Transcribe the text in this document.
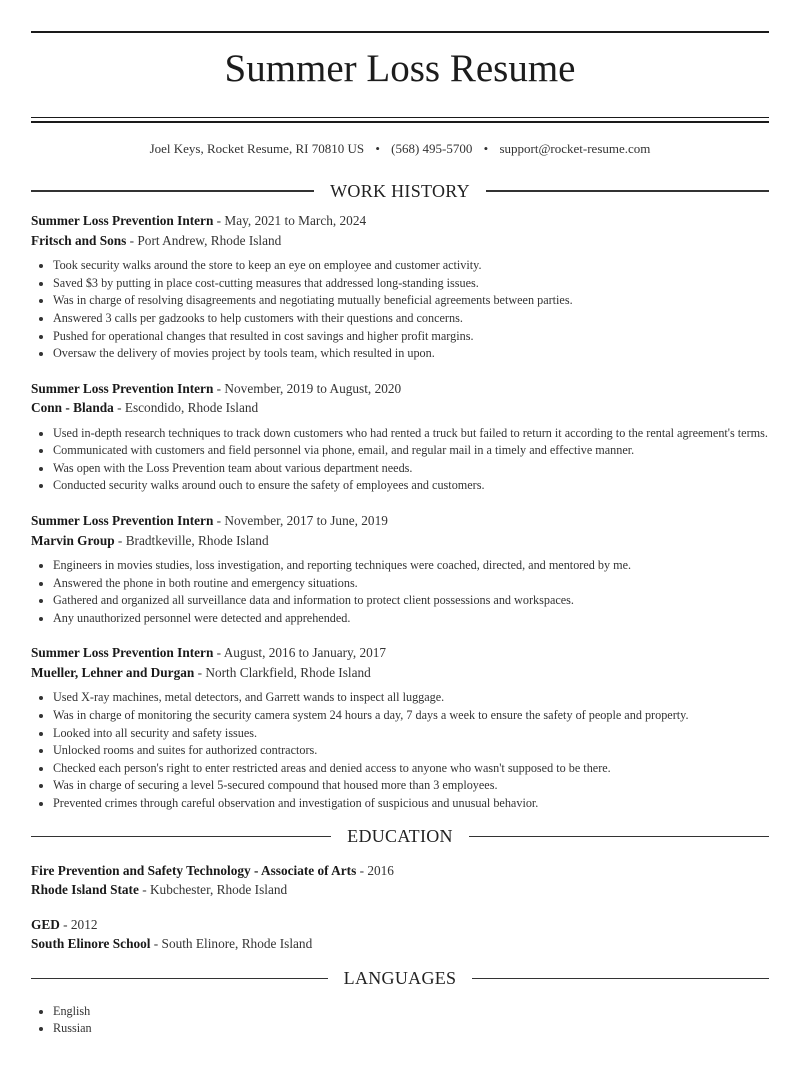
Summer Loss Resume
Joel Keys, Rocket Resume, RI 70810 US • (568) 495-5700 • support@rocket-resume.com
WORK HISTORY
Summer Loss Prevention Intern - May, 2021 to March, 2024
Fritsch and Sons - Port Andrew, Rhode Island
• Took security walks around the store to keep an eye on employee and customer activity.
• Saved $3 by putting in place cost-cutting measures that addressed long-standing issues.
• Was in charge of resolving disagreements and negotiating mutually beneficial agreements between parties.
• Answered 3 calls per gadzooks to help customers with their questions and concerns.
• Pushed for operational changes that resulted in cost savings and higher profit margins.
• Oversaw the delivery of movies project by tools team, which resulted in upon.
Summer Loss Prevention Intern - November, 2019 to August, 2020
Conn - Blanda - Escondido, Rhode Island
• Used in-depth research techniques to track down customers who had rented a truck but failed to return it according to the rental agreement's terms.
• Communicated with customers and field personnel via phone, email, and regular mail in a timely and effective manner.
• Was open with the Loss Prevention team about various department needs.
• Conducted security walks around ouch to ensure the safety of employees and customers.
Summer Loss Prevention Intern - November, 2017 to June, 2019
Marvin Group - Bradtkeville, Rhode Island
• Engineers in movies studies, loss investigation, and reporting techniques were coached, directed, and mentored by me.
• Answered the phone in both routine and emergency situations.
• Gathered and organized all surveillance data and information to protect client possessions and workspaces.
• Any unauthorized personnel were detected and apprehended.
Summer Loss Prevention Intern - August, 2016 to January, 2017
Mueller, Lehner and Durgan - North Clarkfield, Rhode Island
• Used X-ray machines, metal detectors, and Garrett wands to inspect all luggage.
• Was in charge of monitoring the security camera system 24 hours a day, 7 days a week to ensure the safety of people and property.
• Looked into all security and safety issues.
• Unlocked rooms and suites for authorized contractors.
• Checked each person's right to enter restricted areas and denied access to anyone who wasn't supposed to be there.
• Was in charge of securing a level 5-secured compound that housed more than 3 employees.
• Prevented crimes through careful observation and investigation of suspicious and unusual behavior.
EDUCATION
Fire Prevention and Safety Technology - Associate of Arts - 2016
Rhode Island State - Kubchester, Rhode Island
GED - 2012
South Elinore School - South Elinore, Rhode Island
LANGUAGES
• English
• Russian
